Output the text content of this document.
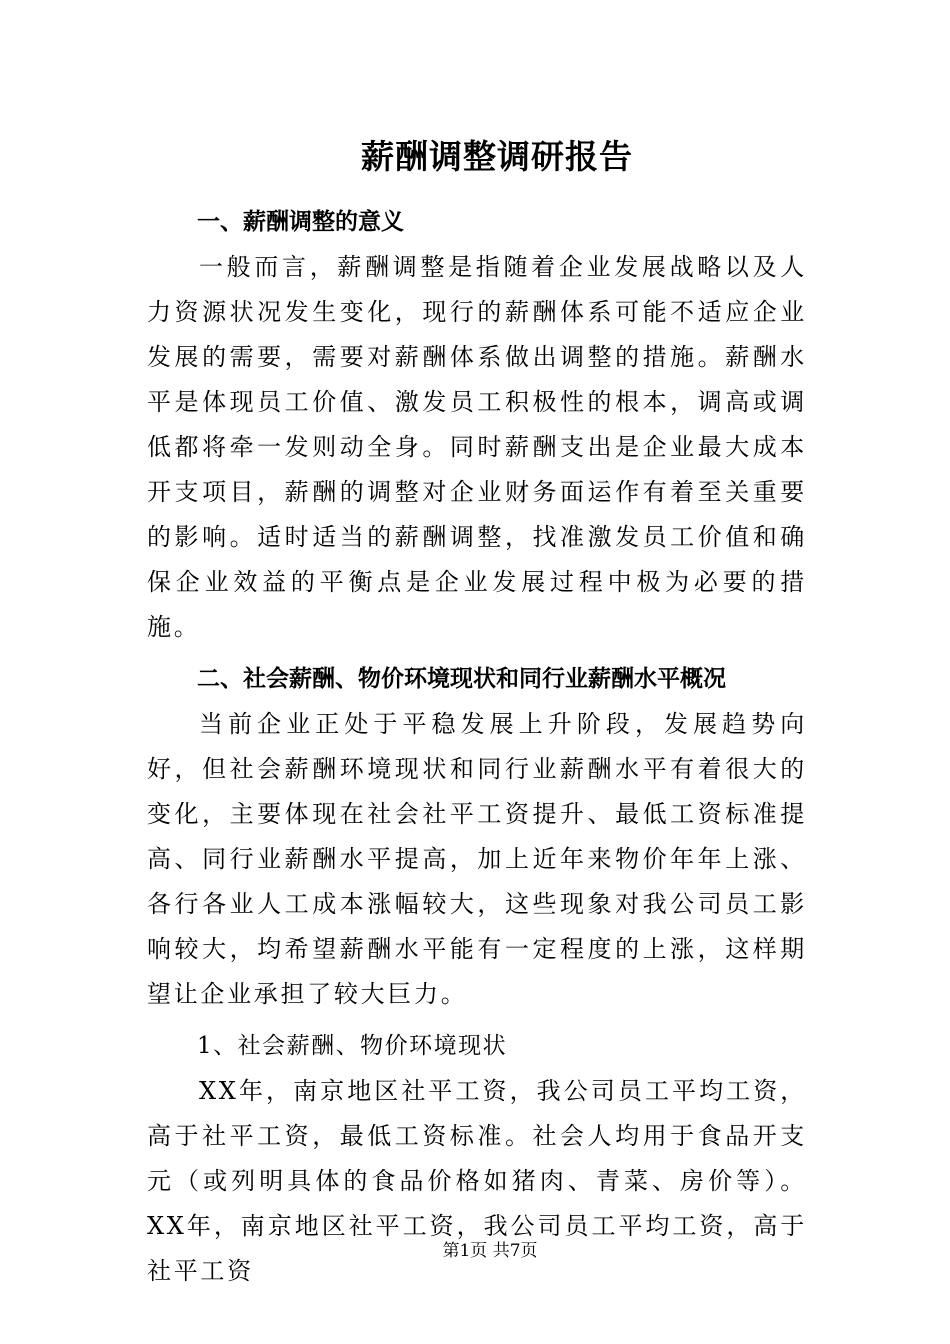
薪酬调整调研报告
一、薪酬调整的意义

一般而言，薪酬调整是指随着企业发展战略以及人力资源状况发生变化，现行的薪酬体系可能不适应企业发展的需要，需要对薪酬体系做出调整的措施。薪酬水平是体现员工价值、激发员工积极性的根本，调高或调低都将牵一发则动全身。同时薪酬支出是企业最大成本开支项目，薪酬的调整对企业财务面运作有着至关重要的影响。适时适当的薪酬调整，找准激发员工价值和确保企业效益的平衡点是企业发展过程中极为必要的措施。

二、社会薪酬、物价环境现状和同行业薪酬水平概况

当前企业正处于平稳发展上升阶段，发展趋势向好，但社会薪酬环境现状和同行业薪酬水平有着很大的变化，主要体现在社会社平工资提升、最低工资标准提高、同行业薪酬水平提高，加上近年来物价年年上涨、各行各业人工成本涨幅较大，这些现象对我公司员工影响较大，均希望薪酬水平能有一定程度的上涨，这样期望让企业承担了较大巨力。

1、社会薪酬、物价环境现状

XX年，南京地区社平工资，我公司员工平均工资，高于社平工资，最低工资标准。社会人均用于食品开支元（或列明具体的食品价格如猪肉、青菜、房价等）。XX年，南京地区社平工资，我公司员工平均工资，高于社平工资

第1页 共7页
